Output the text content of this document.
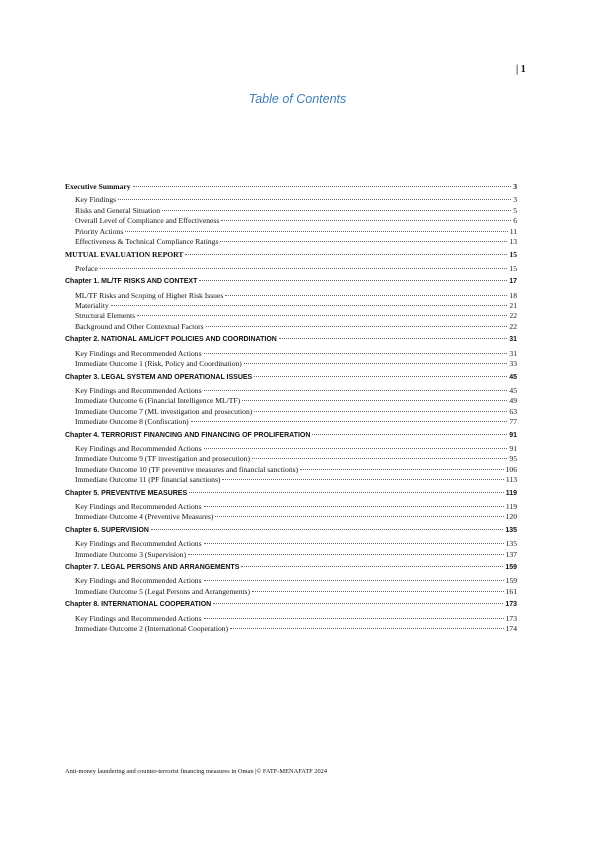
| 1
Table of Contents
Executive Summary	3
Key Findings	3
Risks and General Situation	5
Overall Level of Compliance and Effectiveness	6
Priority Actions	11
Effectiveness & Technical Compliance Ratings	13
MUTUAL EVALUATION REPORT	15
Preface	15
Chapter 1. ML/TF RISKS AND CONTEXT	17
ML/TF Risks and Scoping of Higher Risk Issues	18
Materiality	21
Structural Elements	22
Background and Other Contextual Factors	22
Chapter 2. NATIONAL AML/CFT POLICIES AND COORDINATION	31
Key Findings and Recommended Actions	31
Immediate Outcome 1 (Risk, Policy and Coordination)	33
Chapter 3. LEGAL SYSTEM AND OPERATIONAL ISSUES	45
Key Findings and Recommended Actions	45
Immediate Outcome 6 (Financial Intelligence ML/TF)	49
Immediate Outcome 7 (ML investigation and prosecution)	63
Immediate Outcome 8 (Confiscation)	77
Chapter 4. TERRORIST FINANCING AND FINANCING OF PROLIFERATION	91
Key Findings and Recommended Actions	91
Immediate Outcome 9 (TF investigation and prosecution)	95
Immediate Outcome 10 (TF preventive measures and financial sanctions)	106
Immediate Outcome 11 (PF financial sanctions)	113
Chapter 5. PREVENTIVE MEASURES	119
Key Findings and Recommended Actions	119
Immediate Outcome 4 (Preventive Measures)	120
Chapter 6. SUPERVISION	135
Key Findings and Recommended Actions	135
Immediate Outcome 3 (Supervision)	137
Chapter 7. LEGAL PERSONS AND ARRANGEMENTS	159
Key Findings and Recommended Actions	159
Immediate Outcome 5 (Legal Persons and Arrangements)	161
Chapter 8. INTERNATIONAL COOPERATION	173
Key Findings and Recommended Actions	173
Immediate Outcome 2 (International Cooperation)	174
Anti-money laundering and counter-terrorist financing measures in Oman |© FATF-MENAFATF 2024
